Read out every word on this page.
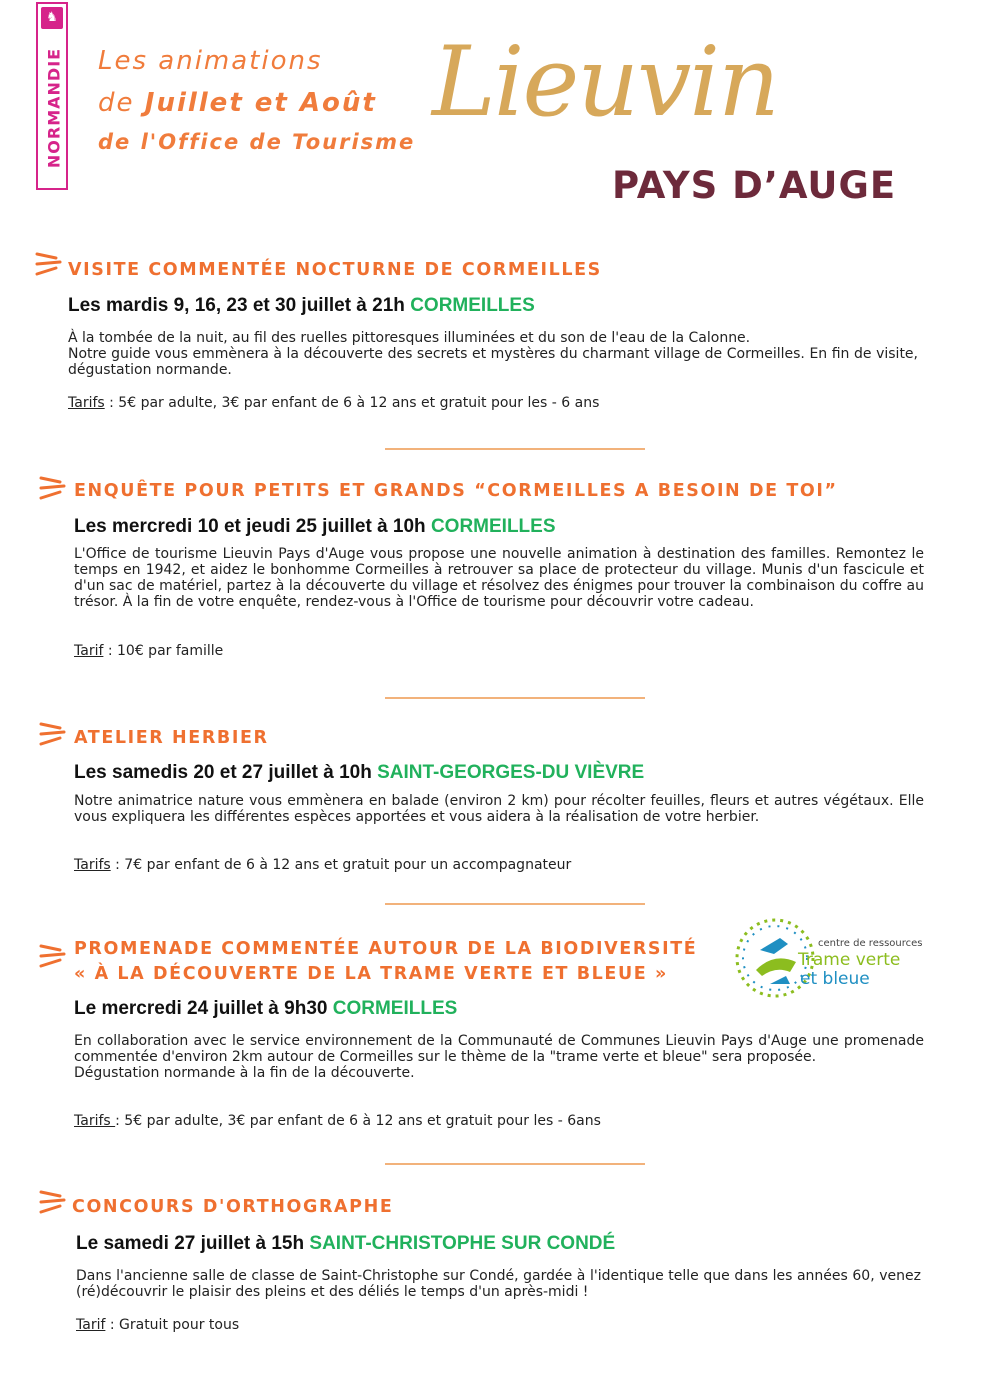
♞
NORMANDIE Les animations
de Juillet et Août
de l'Office de Tourisme
Lieuvin
PAYS D’AUGE
VISITE COMMENTÉE NOCTURNE DE CORMEILLES
Les mardis 9, 16, 23 et 30 juillet à 21h CORMEILLES

À la tombée de la nuit, au fil des ruelles pittoresques illuminées et du son de l'eau de la Calonne.

Notre guide vous emmènera à la découverte des secrets et mystères du charmant village de Cormeilles. En fin de visite, dégustation normande.

Tarifs : 5€ par adulte, 3€ par enfant de 6 à 12 ans et gratuit pour les - 6 ans
ENQUÊTE POUR PETITS ET GRANDS “CORMEILLES A BESOIN DE TOI”
Les mercredi 10 et jeudi 25 juillet à 10h CORMEILLES

L'Office de tourisme Lieuvin Pays d'Auge vous propose une nouvelle animation à destination des familles. Remontez le temps en 1942, et aidez le bonhomme Cormeilles à retrouver sa place de protecteur du village. Munis d'un fascicule et d'un sac de matériel, partez à la découverte du village et résolvez des énigmes pour trouver la combinaison du coffre au trésor. À la fin de votre enquête, rendez-vous à l'Office de tourisme pour découvrir votre cadeau.

Tarif : 10€ par famille
ATELIER HERBIER
Les samedis 20 et 27 juillet à 10h SAINT-GEORGES-DU VIÈVRE

Notre animatrice nature vous emmènera en balade (environ 2 km) pour récolter feuilles, fleurs et autres végétaux. Elle vous expliquera les différentes espèces apportées et vous aidera à la réalisation de votre herbier.

Tarifs : 7€ par enfant de 6 à 12 ans et gratuit pour un accompagnateur
PROMENADE COMMENTÉE AUTOUR DE LA BIODIVERSITÉ
« À LA DÉCOUVERTE DE LA TRAME VERTE ET BLEUE »
Le mercredi 24 juillet à 9h30 CORMEILLES

En collaboration avec le service environnement de la Communauté de Communes Lieuvin Pays d'Auge une promenade commentée d'environ 2km autour de Cormeilles sur le thème de la "trame verte et bleue" sera proposée.

Dégustation normande à la fin de la découverte.

Tarifs : 5€ par adulte, 3€ par enfant de 6 à 12 ans et gratuit pour les - 6ans
centre de ressources
Trame verte
et bleue
CONCOURS D'ORTHOGRAPHE
Le samedi 27 juillet à 15h SAINT-CHRISTOPHE SUR CONDÉ

Dans l'ancienne salle de classe de Saint-Christophe sur Condé, gardée à l'identique telle que dans les années 60, venez (ré)découvrir le plaisir des pleins et des déliés le temps d'un après-midi !

Tarif : Gratuit pour tous
